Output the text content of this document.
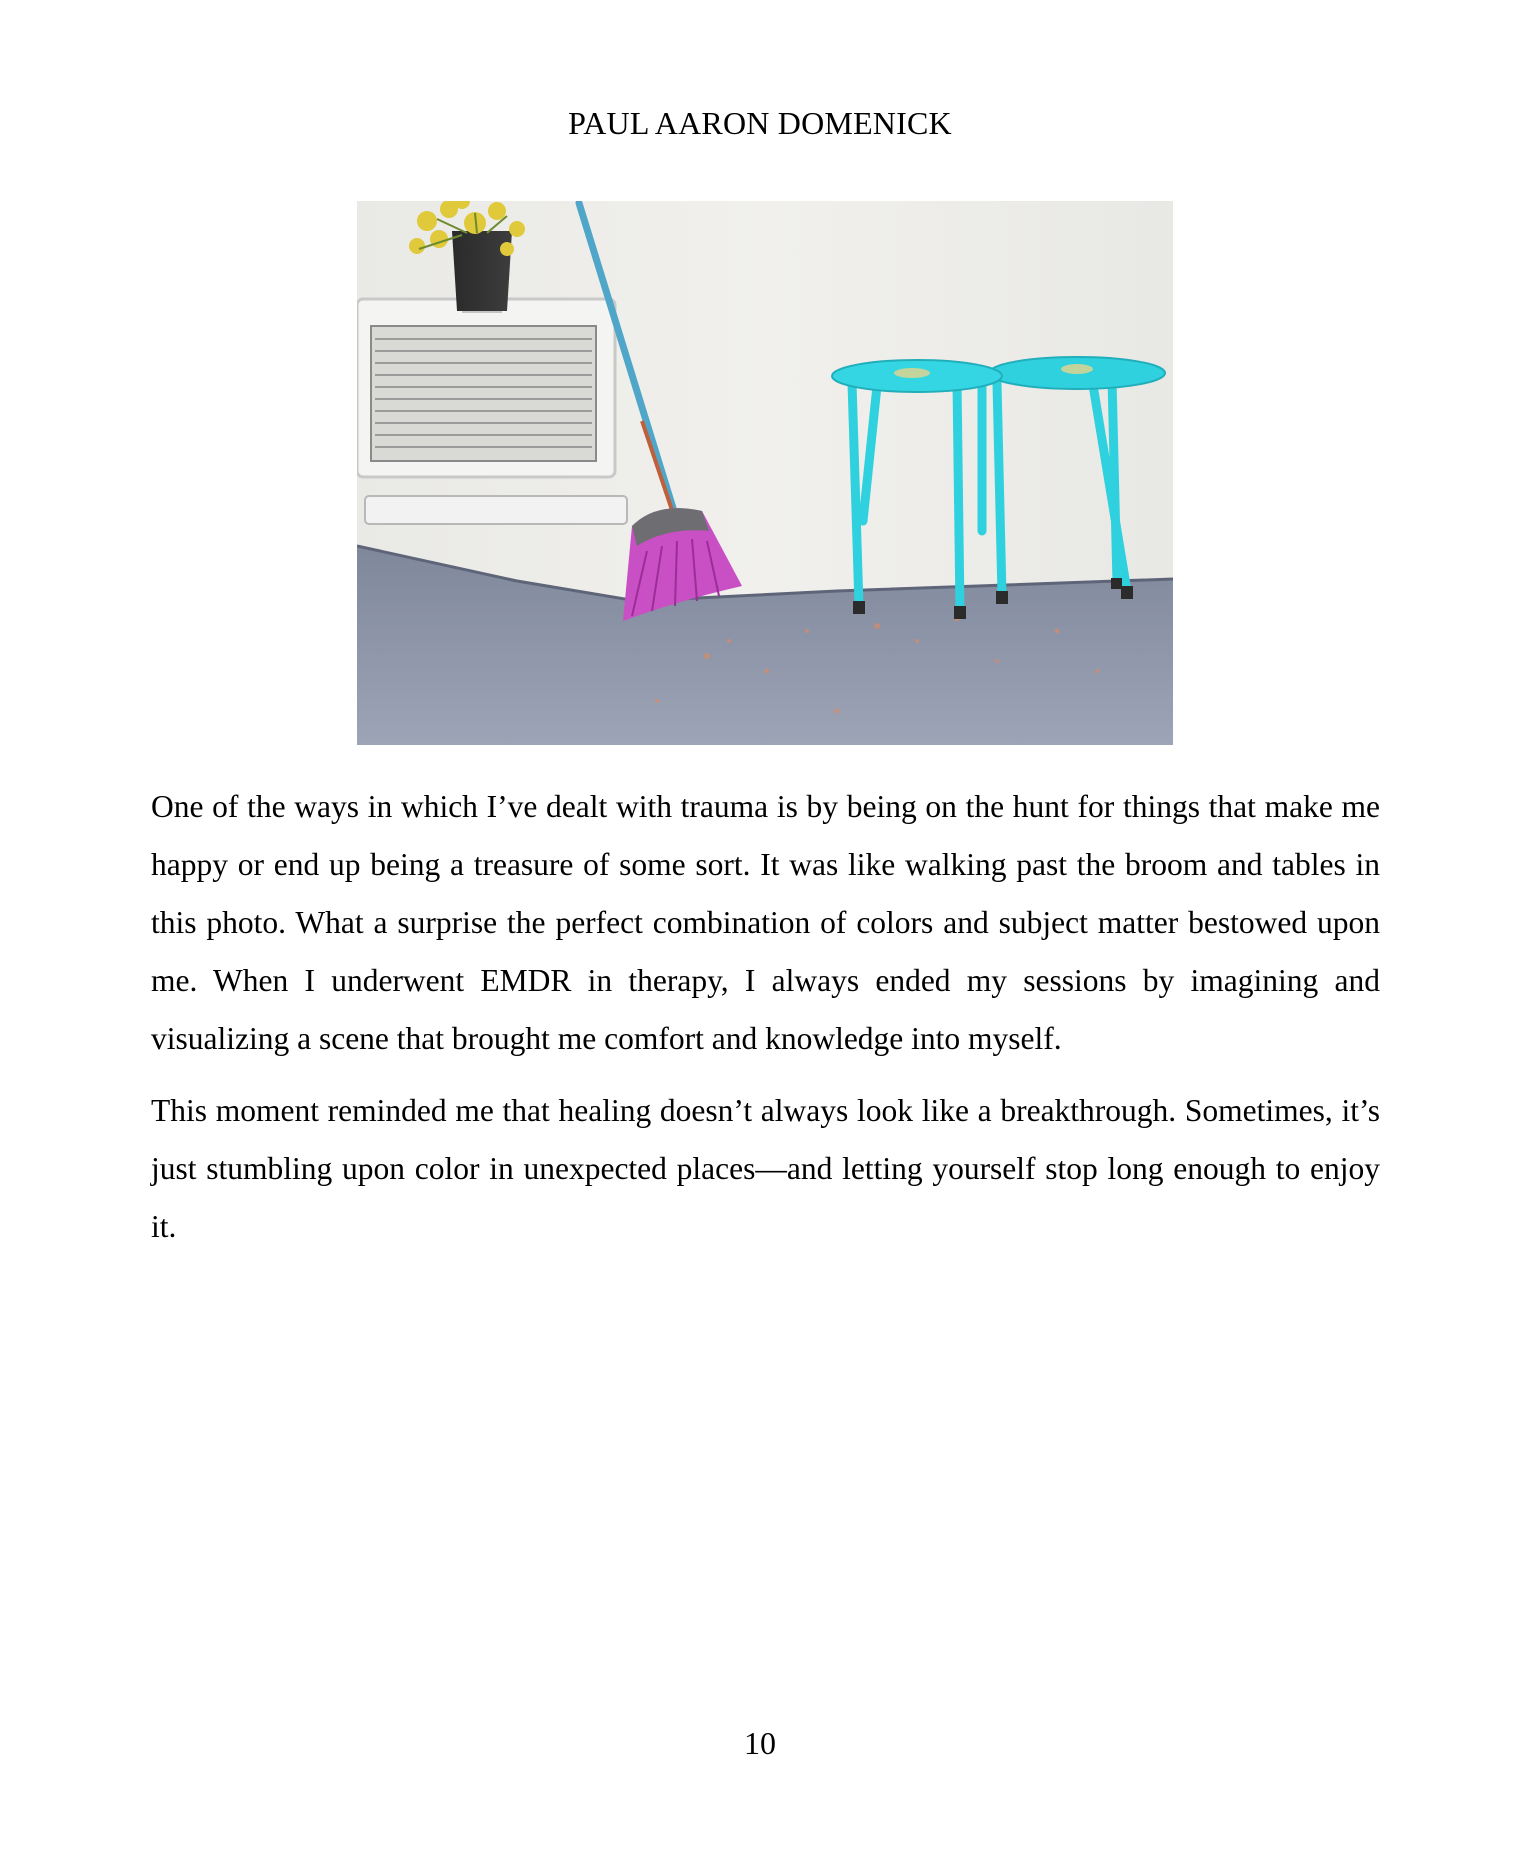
PAUL AARON DOMENICK

One of the ways in which I’ve dealt with trauma is by being on the hunt for things that make me happy or end up being a treasure of some sort. It was like walking past the broom and tables in this photo. What a surprise the perfect combination of colors and subject matter bestowed upon me. When I underwent EMDR in therapy, I always ended my sessions by imagining and visualizing a scene that brought me comfort and knowledge into myself.

This moment reminded me that healing doesn’t always look like a breakthrough. Sometimes, it’s just stumbling upon color in unexpected places—and letting yourself stop long enough to enjoy it.

10
